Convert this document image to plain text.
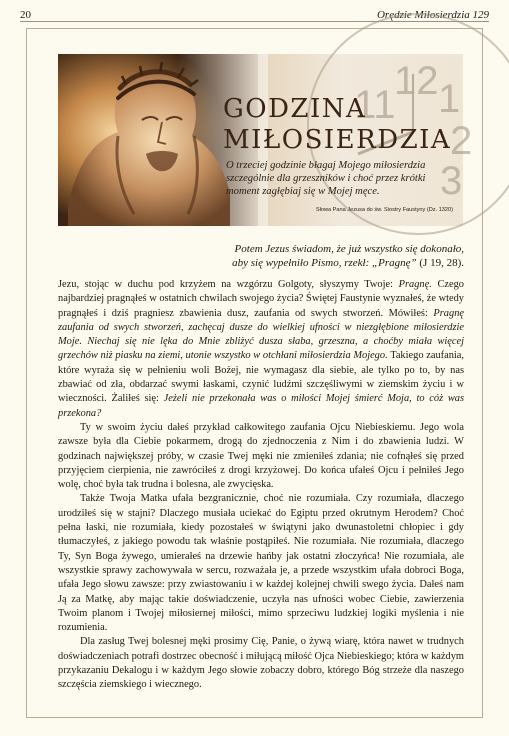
20	Orędzie Miłosierdzia 129
11
12 1
2
3
GODZINA
MIŁOSIERDZIA
O trzeciej godzinie błagaj Mojego miłosierdzia szczególnie dla grzeszników i choć przez krótki moment zagłębiaj się w Mojej męce.
Słowa Pana Jezusa do św. Siostry Faustyny (Dz. 1320)
Potem Jezus świadom, że już wszystko się dokonało,
aby się wypełniło Pismo, rzekł: „Pragnę” (J 19, 28).

Jezu, stojąc w duchu pod krzyżem na wzgórzu Golgoty, słyszymy Twoje: Pragnę. Czego najbardziej pragnąłeś w ostatnich chwilach swojego życia? Świętej Faustynie wyznałeś, że wtedy pragnąłeś i dziś pragniesz zbawienia dusz, zaufania od swych stworzeń. Mówiłeś: Pragnę zaufania od swych stworzeń, zachęcaj dusze do wielkiej ufności w niezgłębione miłosierdzie Moje. Niechaj się nie lęka do Mnie zbliżyć dusza słaba, grzeszna, a choćby miała więcej grzechów niż piasku na ziemi, utonie wszystko w otchłani miłosierdzia Mojego. Takiego zaufania, które wyraża się w pełnieniu woli Bożej, nie wymagasz dla siebie, ale tylko po to, by nas zbawiać od zła, obdarzać swymi łaskami, czynić ludźmi szczęśliwymi w ziemskim życiu i w wieczności. Żaliłeś się: Jeżeli nie przekonała was o miłości Mojej śmierć Moja, to cóż was przekona?

Ty w swoim życiu dałeś przykład całkowitego zaufania Ojcu Niebieskiemu. Jego wola zawsze była dla Ciebie pokarmem, drogą do zjednoczenia z Nim i do zbawienia ludzi. W godzinach największej próby, w czasie Twej męki nie zmieniłeś zdania; nie cofnąłeś się przed przyjęciem cierpienia, nie zawróciłeś z drogi krzyżowej. Do końca ufałeś Ojcu i pełniłeś Jego wolę, choć była tak trudna i bolesna, ale zwycięska.

Także Twoja Matka ufała bezgranicznie, choć nie rozumiała. Czy rozumiała, dlaczego urodziłeś się w stajni? Dlaczego musiała uciekać do Egiptu przed okrutnym Herodem? Choć pełna łaski, nie rozumiała, kiedy pozostałeś w świątyni jako dwunastoletni chłopiec i gdy tłumaczyłeś, z jakiego powodu tak właśnie postąpiłeś. Nie rozumiała. Nie rozumiała, dlaczego Ty, Syn Boga żywego, umierałeś na drzewie hańby jak ostatni złoczyńca! Nie rozumiała, ale wszystkie sprawy zachowywała w sercu, rozważała je, a przede wszystkim ufała dobroci Boga, ufała Jego słowu zawsze: przy zwiastowaniu i w każdej kolejnej chwili swego życia. Dałeś nam Ją za Matkę, aby mając takie doświadczenie, uczyła nas ufności wobec Ciebie, zawierzenia Twoim planom i Twojej miłosiernej miłości, mimo sprzeciwu ludzkiej logiki myślenia i nie rozumienia.

Dla zasług Twej bolesnej męki prosimy Cię, Panie, o żywą wiarę, która nawet w trudnych doświadczeniach potrafi dostrzec obecność i miłującą miłość Ojca Niebieskiego; która w każdym przykazaniu Dekalogu i w każdym Jego słowie zobaczy dobro, którego Bóg strzeże dla naszego szczęścia ziemskiego i wiecznego.
